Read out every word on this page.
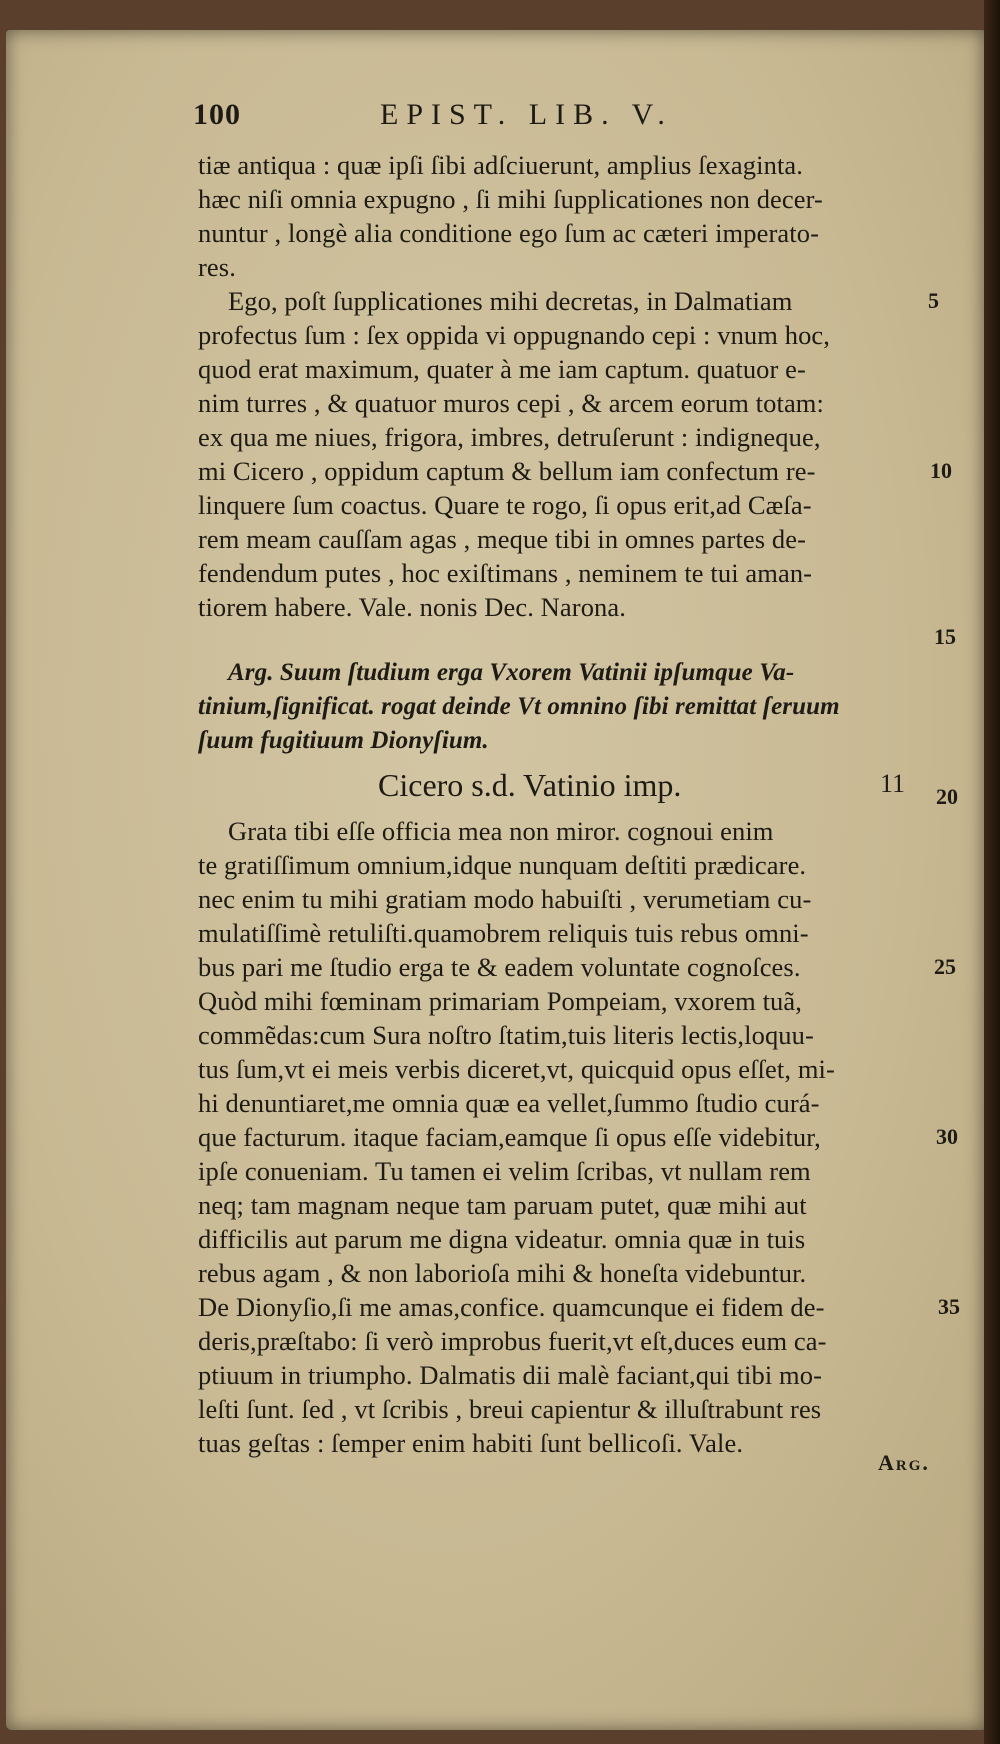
100	EPIST. LIB. V.
tiæ antiqua : quæ ipſi ſibi adſciuerunt, amplius ſexaginta.
hæc niſi omnia expugno , ſi mihi ſupplicationes non decer-
nuntur , longè alia conditione ego ſum ac cæteri imperato-
res.
Ego, poſt ſupplicationes mihi decretas, in Dalmatiam
profectus ſum : ſex oppida vi oppugnando cepi : vnum hoc,
quod erat maximum, quater à me iam captum. quatuor e-
nim turres , & quatuor muros cepi , & arcem eorum totam:
ex qua me niues, frigora, imbres, detruſerunt : indigneque,
mi Cicero , oppidum captum & bellum iam confectum re-
linquere ſum coactus. Quare te rogo, ſi opus erit,ad Cæſa-
rem meam cauſſam agas , meque tibi in omnes partes de-
fendendum putes , hoc exiſtimans , neminem te tui aman-
tiorem habere. Vale. nonis Dec. Narona.
Arg. Suum ſtudium erga Vxorem Vatinii ipſumque Va-
tinium,ſignificat. rogat deinde Vt omnino ſibi remittat ſeruum
ſuum fugitiuum Dionyſium.
Cicero s.d. Vatinio imp.	11
Grata tibi eſſe officia mea non miror. cognoui enim
te gratiſſimum omnium,idque nunquam deſtiti prædicare.
nec enim tu mihi gratiam modo habuiſti , verumetiam cu-
mulatiſſimè retuliſti.quamobrem reliquis tuis rebus omni-
bus pari me ſtudio erga te & eadem voluntate cognoſces.
Quòd mihi fœminam primariam Pompeiam, vxorem tuã,
commẽdas:cum Sura noſtro ſtatim,tuis literis lectis,loquu-
tus ſum,vt ei meis verbis diceret,vt, quicquid opus eſſet, mi-
hi denuntiaret,me omnia quæ ea vellet,ſummo ſtudio curá-
que facturum. itaque faciam,eamque ſi opus eſſe videbitur,
ipſe conueniam. Tu tamen ei velim ſcribas, vt nullam rem
neq; tam magnam neque tam paruam putet, quæ mihi aut
difficilis aut parum me digna videatur. omnia quæ in tuis
rebus agam , & non laborioſa mihi & honeſta videbuntur.
De Dionyſio,ſi me amas,confice. quamcunque ei fidem de-
deris,præſtabo: ſi verò improbus fuerit,vt eſt,duces eum ca-
ptiuum in triumpho. Dalmatis dii malè faciant,qui tibi mo-
leſti ſunt. ſed , vt ſcribis , breui capientur & illuſtrabunt res
tuas geſtas : ſemper enim habiti ſunt bellicoſi. Vale.
5
10
15
20
25
30
35
Arg.
